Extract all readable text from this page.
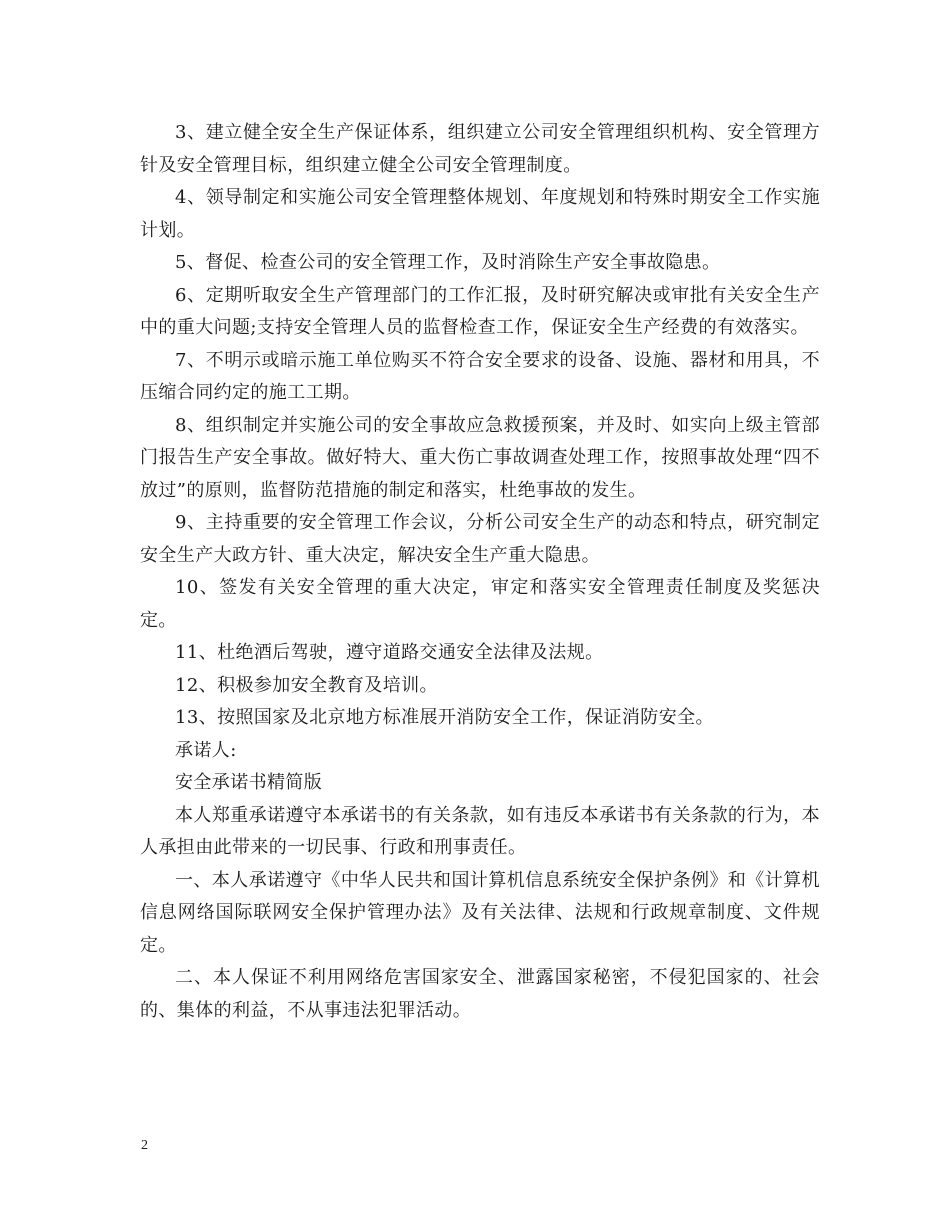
3、建立健全安全生产保证体系，组织建立公司安全管理组织机构、安全管理方针及安全管理目标，组织建立健全公司安全管理制度。

4、领导制定和实施公司安全管理整体规划、年度规划和特殊时期安全工作实施计划。

5、督促、检查公司的安全管理工作，及时消除生产安全事故隐患。

6、定期听取安全生产管理部门的工作汇报，及时研究解决或审批有关安全生产中的重大问题;支持安全管理人员的监督检查工作，保证安全生产经费的有效落实。

7、不明示或暗示施工单位购买不符合安全要求的设备、设施、器材和用具，不压缩合同约定的施工工期。

8、组织制定并实施公司的安全事故应急救援预案，并及时、如实向上级主管部门报告生产安全事故。做好特大、重大伤亡事故调查处理工作，按照事故处理“四不放过”的原则，监督防范措施的制定和落实，杜绝事故的发生。

9、主持重要的安全管理工作会议，分析公司安全生产的动态和特点，研究制定安全生产大政方针、重大决定，解决安全生产重大隐患。

10、签发有关安全管理的重大决定，审定和落实安全管理责任制度及奖惩决定。

11、杜绝酒后驾驶，遵守道路交通安全法律及法规。

12、积极参加安全教育及培训。

13、按照国家及北京地方标准展开消防安全工作，保证消防安全。

承诺人:

安全承诺书精简版

本人郑重承诺遵守本承诺书的有关条款，如有违反本承诺书有关条款的行为，本人承担由此带来的一切民事、行政和刑事责任。

一、本人承诺遵守《中华人民共和国计算机信息系统安全保护条例》和《计算机信息网络国际联网安全保护管理办法》及有关法律、法规和行政规章制度、文件规定。

二、本人保证不利用网络危害国家安全、泄露国家秘密，不侵犯国家的、社会的、集体的利益，不从事违法犯罪活动。

2
